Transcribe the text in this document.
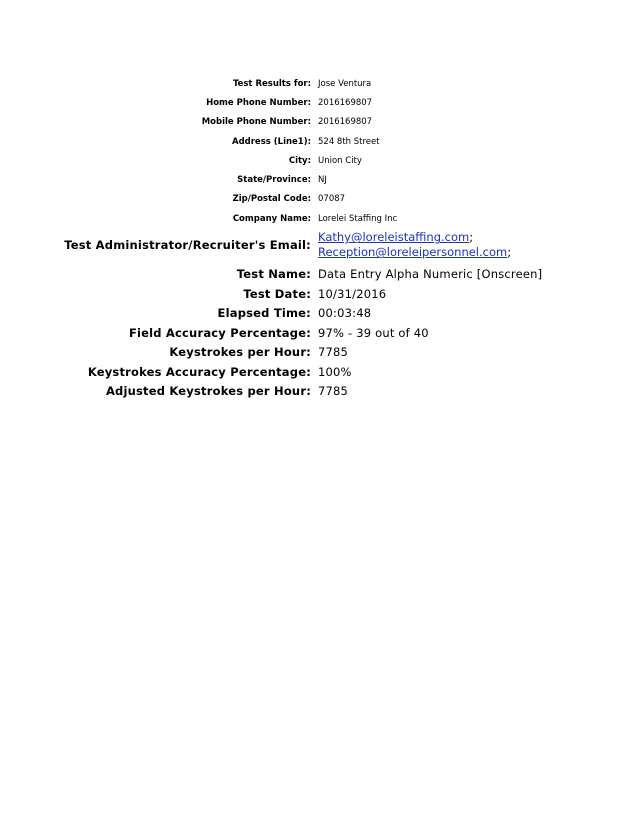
Test Results for: Jose Ventura
Home Phone Number: 2016169807
Mobile Phone Number: 2016169807
Address (Line1): 524 8th Street
City: Union City
State/Province: NJ
Zip/Postal Code: 07087
Company Name: Lorelei Staffing Inc
Test Administrator/Recruiter's Email:
Kathy@loreleistaffing.com;
Reception@loreleipersonnel.com;
Test Name: Data Entry Alpha Numeric [Onscreen]
Test Date: 10/31/2016
Elapsed Time: 00:03:48
Field Accuracy Percentage: 97% - 39 out of 40
Keystrokes per Hour: 7785
Keystrokes Accuracy Percentage: 100%
Adjusted Keystrokes per Hour: 7785
